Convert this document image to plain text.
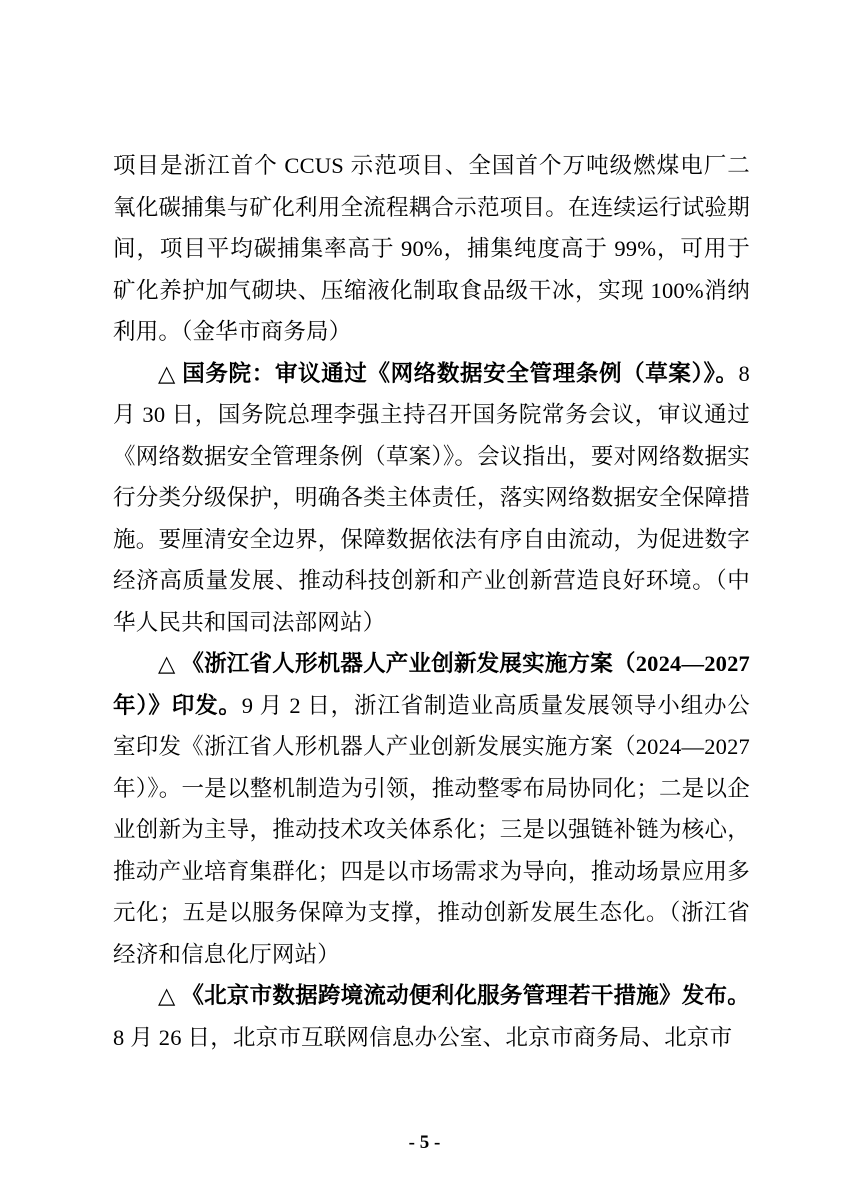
项目是浙江首个 CCUS 示范项目、全国首个万吨级燃煤电厂二氧化碳捕集与矿化利用全流程耦合示范项目。在连续运行试验期间，项目平均碳捕集率高于 90%，捕集纯度高于 99%，可用于矿化养护加气砌块、压缩液化制取食品级干冰，实现 100%消纳利用。（金华市商务局）

△ 国务院：审议通过《网络数据安全管理条例（草案）》。8 月 30 日，国务院总理李强主持召开国务院常务会议，审议通过《网络数据安全管理条例（草案）》。会议指出，要对网络数据实行分类分级保护，明确各类主体责任，落实网络数据安全保障措施。要厘清安全边界，保障数据依法有序自由流动，为促进数字经济高质量发展、推动科技创新和产业创新营造良好环境。（中华人民共和国司法部网站）

△ 《浙江省人形机器人产业创新发展实施方案（2024—2027 年）》印发。9 月 2 日，浙江省制造业高质量发展领导小组办公室印发《浙江省人形机器人产业创新发展实施方案（2024—2027 年）》。一是以整机制造为引领，推动整零布局协同化；二是以企业创新为主导，推动技术攻关体系化；三是以强链补链为核心，推动产业培育集群化；四是以市场需求为导向，推动场景应用多元化；五是以服务保障为支撑，推动创新发展生态化。（浙江省经济和信息化厅网站）

△ 《北京市数据跨境流动便利化服务管理若干措施》发布。8 月 26 日，北京市互联网信息办公室、北京市商务局、北京市

- 5 -
